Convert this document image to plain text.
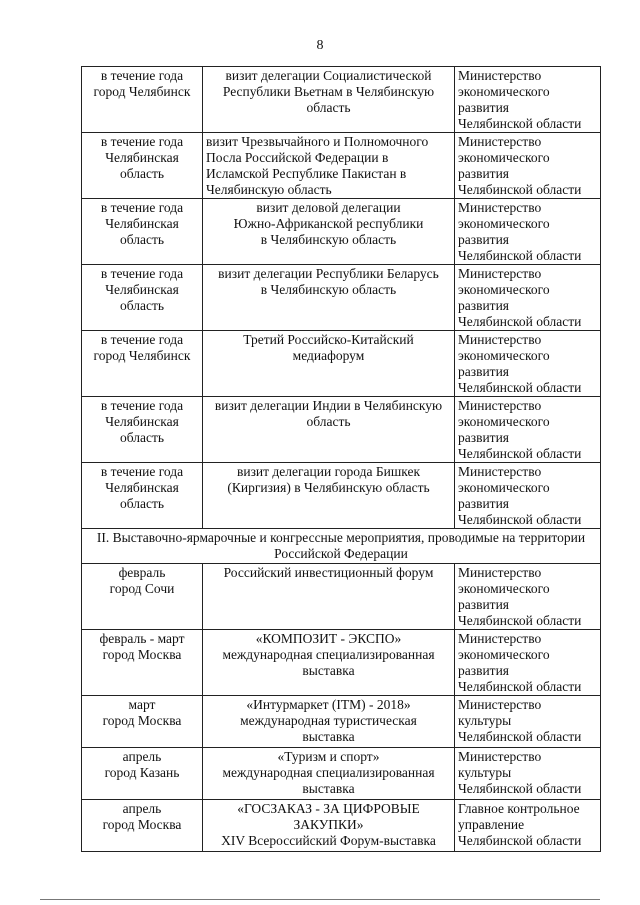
8
в течение года
город Челябинск	визит делегации Социалистической
Республики Вьетнам в Челябинскую
область	Министерство
экономического
развития
Челябинской области

в течение года
Челябинская
область	визит Чрезвычайного и Полномочного
Посла Российской Федерации в
Исламской Республике Пакистан в
Челябинскую область	Министерство
экономического
развития
Челябинской области

в течение года
Челябинская
область	визит деловой делегации
Южно-Африканской республики
в Челябинскую область	Министерство
экономического
развития
Челябинской области

в течение года
Челябинская
область	визит делегации Республики Беларусь
в Челябинскую область	Министерство
экономического
развития
Челябинской области

в течение года
город Челябинск	Третий Российско-Китайский
медиафорум	Министерство
экономического
развития
Челябинской области

в течение года
Челябинская
область	визит делегации Индии в Челябинскую
область	Министерство
экономического
развития
Челябинской области

в течение года
Челябинская
область	визит делегации города Бишкек
(Киргизия) в Челябинскую область	Министерство
экономического
развития
Челябинской области

II. Выставочно-ярмарочные и конгрессные мероприятия, проводимые на территории
Российской Федерации		

февраль
город Сочи	Российский инвестиционный форум	Министерство
экономического
развития
Челябинской области

февраль - март
город Москва	«КОМПОЗИТ - ЭКСПО»
международная специализированная
выставка	Министерство
экономического
развития
Челябинской области

март
город Москва	«Интурмаркет (ITM) - 2018»
международная туристическая
выставка	Министерство
культуры
Челябинской области

апрель
город Казань	«Туризм и спорт»
международная специализированная
выставка	Министерство
культуры
Челябинской области

апрель
город Москва	«ГОСЗАКАЗ - ЗА ЦИФРОВЫЕ
ЗАКУПКИ»
XIV Всероссийский Форум-выставка	Главное контрольное
управление
Челябинской области
